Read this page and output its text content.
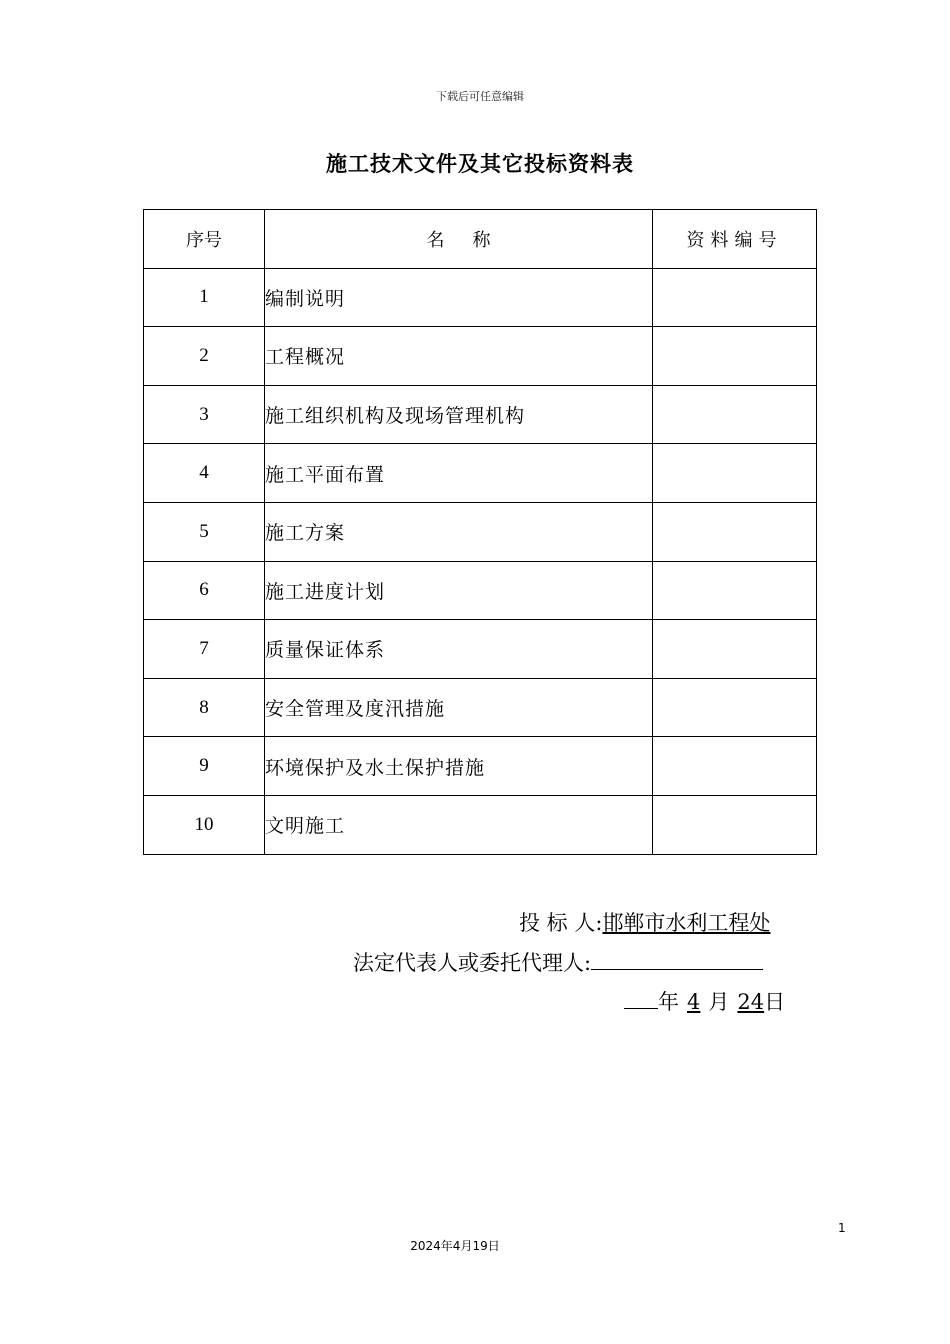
下载后可任意编辑
施工技术文件及其它投标资料表
序号	名称	资料编号
1	编制说明	
2	工程概况	
3	施工组织机构及现场管理机构	
4	施工平面布置	
5	施工方案	
6	施工进度计划	
7	质量保证体系	
8	安全管理及度汛措施	
9	环境保护及水土保护措施	
10	文明施工	
投 标 人:邯郸市水利工程处
法定代表人或委托代理人:
年 4 月 24日
1
2024年4月19日
